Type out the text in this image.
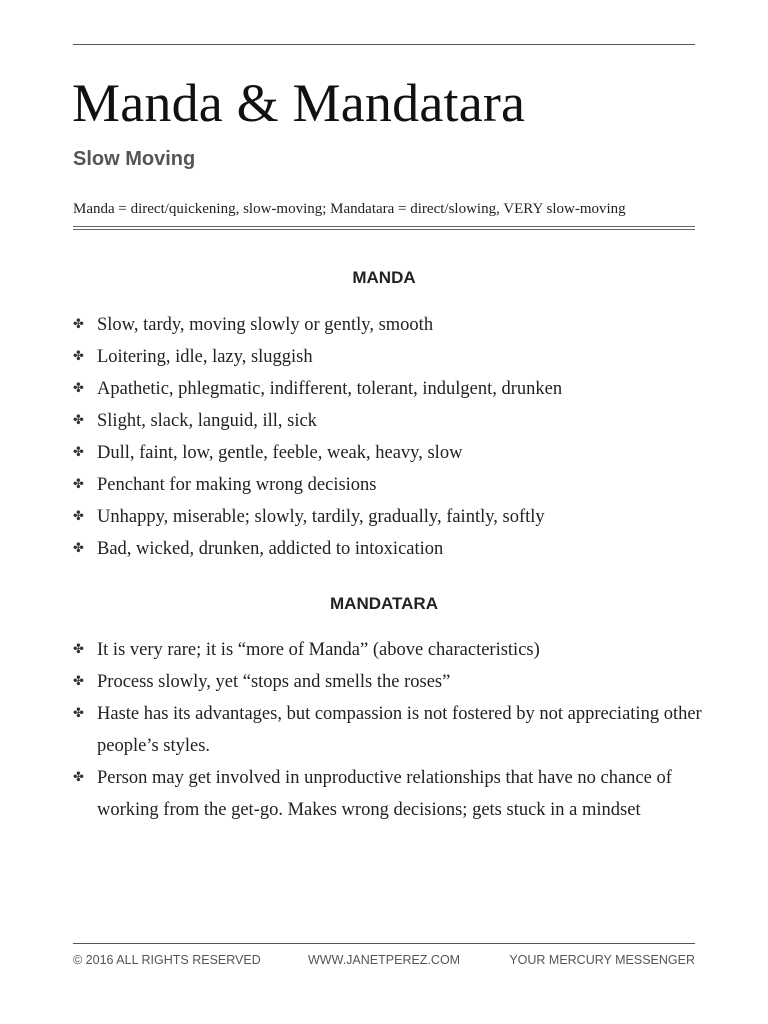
Manda & Mandatara
Slow Moving

Manda = direct/quickening, slow-moving; Mandatara = direct/slowing, VERY slow-moving

MANDA
✤ Slow, tardy, moving slowly or gently, smooth
✤ Loitering, idle, lazy, sluggish
✤ Apathetic, phlegmatic, indifferent, tolerant, indulgent, drunken
✤ Slight, slack, languid, ill, sick
✤ Dull, faint, low, gentle, feeble, weak, heavy, slow
✤ Penchant for making wrong decisions
✤ Unhappy, miserable; slowly, tardily, gradually, faintly, softly
✤ Bad, wicked, drunken, addicted to intoxication
MANDATARA
✤ It is very rare; it is “more of Manda” (above characteristics)
✤ Process slowly, yet “stops and smells the roses”
✤ Haste has its advantages, but compassion is not fostered by not appreciating other people’s styles.
✤ Person may get involved in unproductive relationships that have no chance of working from the get-go. Makes wrong decisions; gets stuck in a mindset

© 2016 ALL RIGHTS RESERVED	WWW.JANETPEREZ.COM	YOUR MERCURY MESSENGER
